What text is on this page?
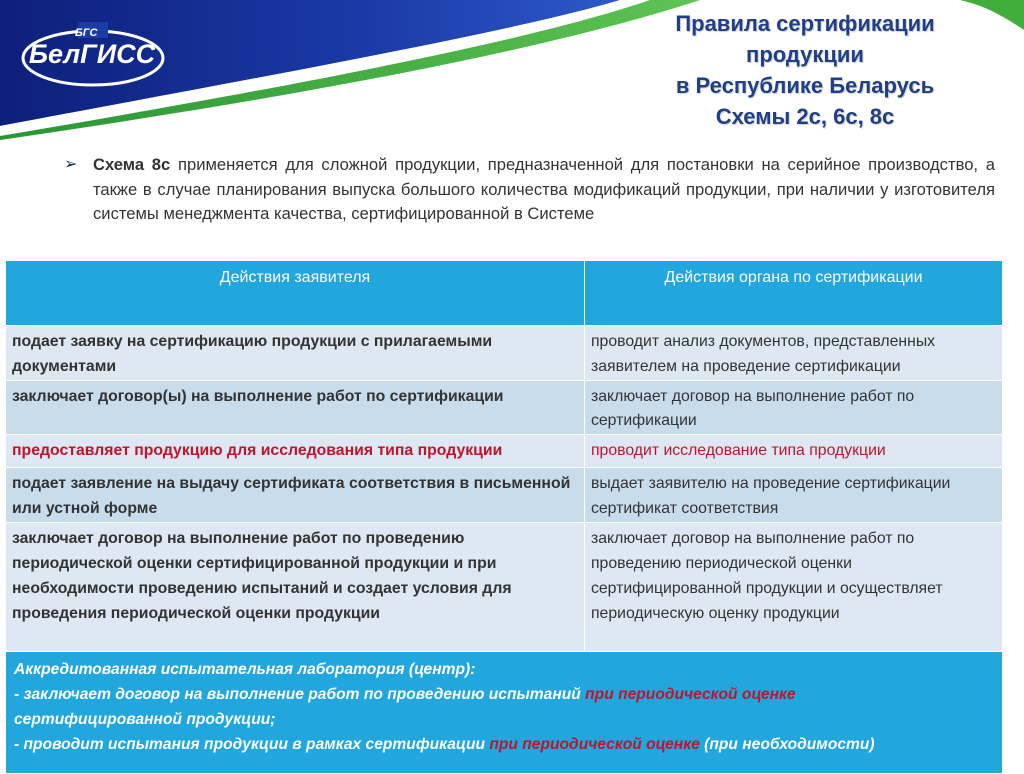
БГС
БелГИСС
Правила сертификации
продукции
в Республике Беларусь
Схемы 2с, 6с, 8с
➢ Схема 8с применяется для сложной продукции, предназначенной для постановки на серийное производство, а также в случае планирования выпуска большого количества модификаций продукции, при наличии у изготовителя системы менеджмента качества, сертифицированной в Системе
Действия заявителя	Действия органа по сертификации
подает заявку на сертификацию продукции с прилагаемыми документами	проводит анализ документов, представленных заявителем на проведение сертификации
заключает договор(ы) на выполнение работ по сертификации	заключает договор на выполнение работ по сертификации
предоставляет продукцию для исследования типа продукции	проводит исследование типа продукции
подает заявление на выдачу сертификата соответствия в письменной или устной форме	выдает заявителю на проведение сертификации сертификат соответствия
заключает договор на выполнение работ по проведению периодической оценки сертифицированной продукции и при необходимости проведению испытаний и создает условия для проведения периодической оценки продукции	заключает договор на выполнение работ по проведению периодической оценки сертифицированной продукции и осуществляет периодическую оценку продукции

Аккредитованная испытательная лаборатория (центр):
- заключает договор на выполнение работ по проведению испытаний при периодической оценке
сертифицированной продукции;
- проводит испытания продукции в рамках сертификации при периодической оценке (при необходимости)	
